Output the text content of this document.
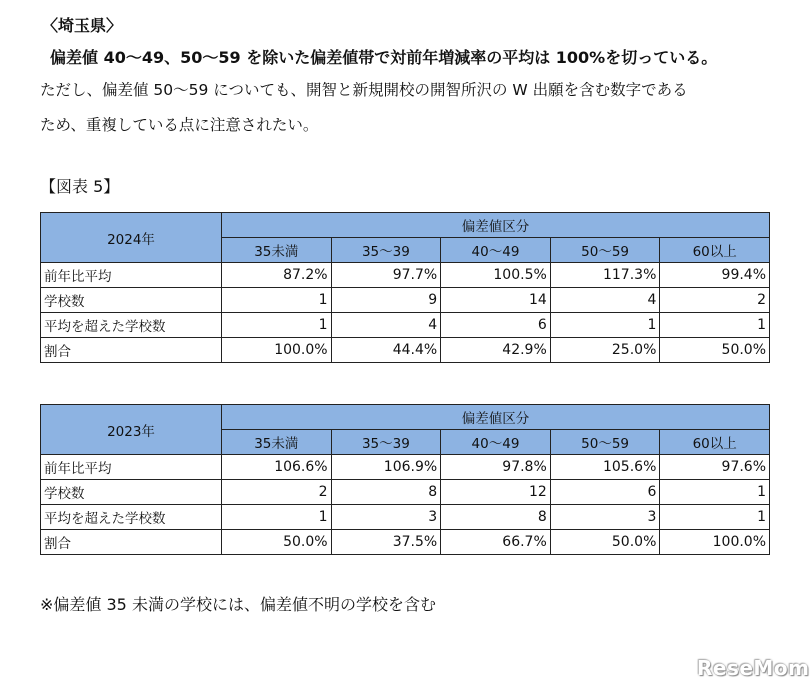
〈埼玉県〉
偏差値 40〜49、50〜59 を除いた偏差値帯で対前年増減率の平均は 100%を切っている。
ただし、偏差値 50〜59 についても、開智と新規開校の開智所沢の W 出願を含む数字である
ため、重複している点に注意されたい。
【図表 5】
2024年	偏差値区分				
	35未満	35〜39	40〜49	50〜59	60以上
前年比平均	87.2%	97.7%	100.5%	117.3%	99.4%
学校数	1	9	14	4	2
平均を超えた学校数	1	4	6	1	1
割合	100.0%	44.4%	42.9%	25.0%	50.0%
2023年	偏差値区分				
	35未満	35〜39	40〜49	50〜59	60以上
前年比平均	106.6%	106.9%	97.8%	105.6%	97.6%
学校数	2	8	12	6	1
平均を超えた学校数	1	3	8	3	1
割合	50.0%	37.5%	66.7%	50.0%	100.0%
※偏差値 35 未満の学校には、偏差値不明の学校を含む
ReseMom
